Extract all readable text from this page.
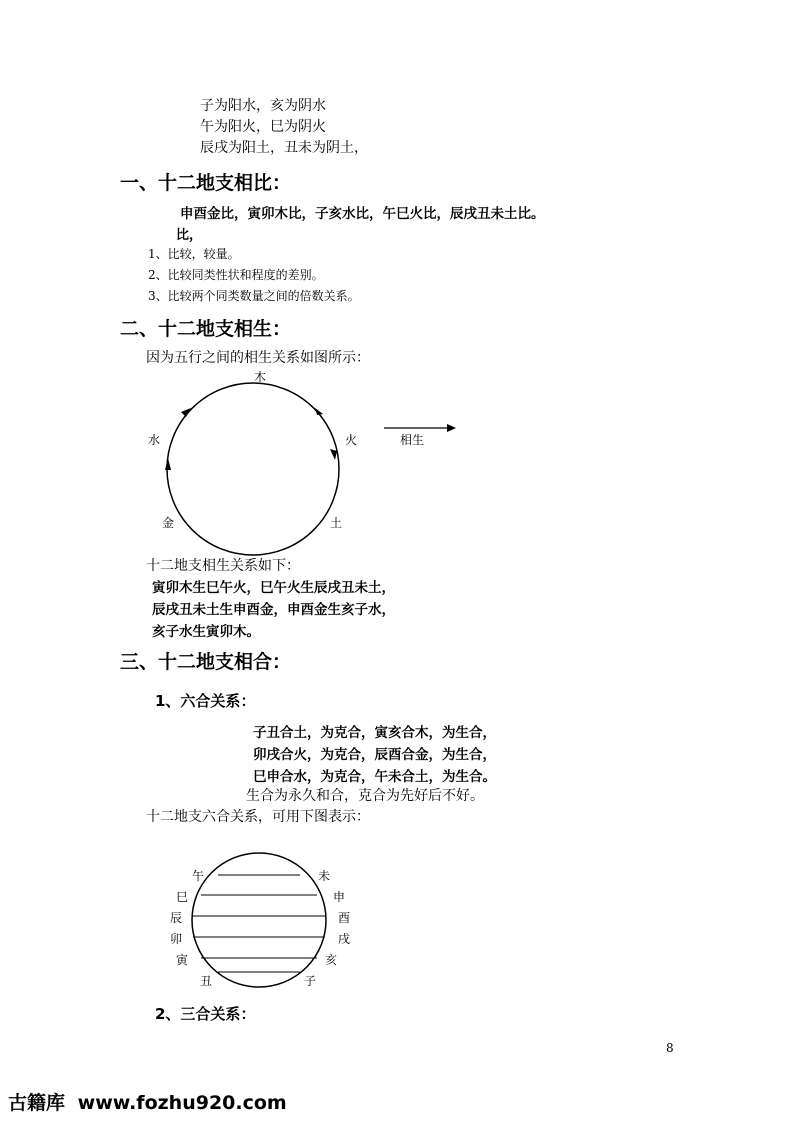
子为阳水，亥为阴水
午为阳火，巳为阴火
辰戌为阳土，丑未为阴土，
一、十二地支相比：
申酉金比，寅卯木比，子亥水比，午巳火比，辰戌丑未土比。
比，
1、比较，较量。
2、比较同类性状和程度的差别。
3、比较两个同类数量之间的倍数关系。
二、十二地支相生：
因为五行之间的相生关系如图所示：
木
水	火
金	土
相生
十二地支相生关系如下：
寅卯木生巳午火，巳午火生辰戌丑未土，
辰戌丑未土生申酉金，申酉金生亥子水，
亥子水生寅卯木。
三、十二地支相合：
1、六合关系：
子丑合土，为克合，寅亥合木，为生合，
卯戌合火，为克合，辰酉合金，为生合，
巳申合水，为克合，午未合土，为生合。
生合为永久和合，克合为先好后不好。
十二地支六合关系，可用下图表示：
午
巳
辰
卯
寅
丑
未
申
酉
戌
亥
子
2、三合关系：
8
古籍库 www.fozhu920.com
